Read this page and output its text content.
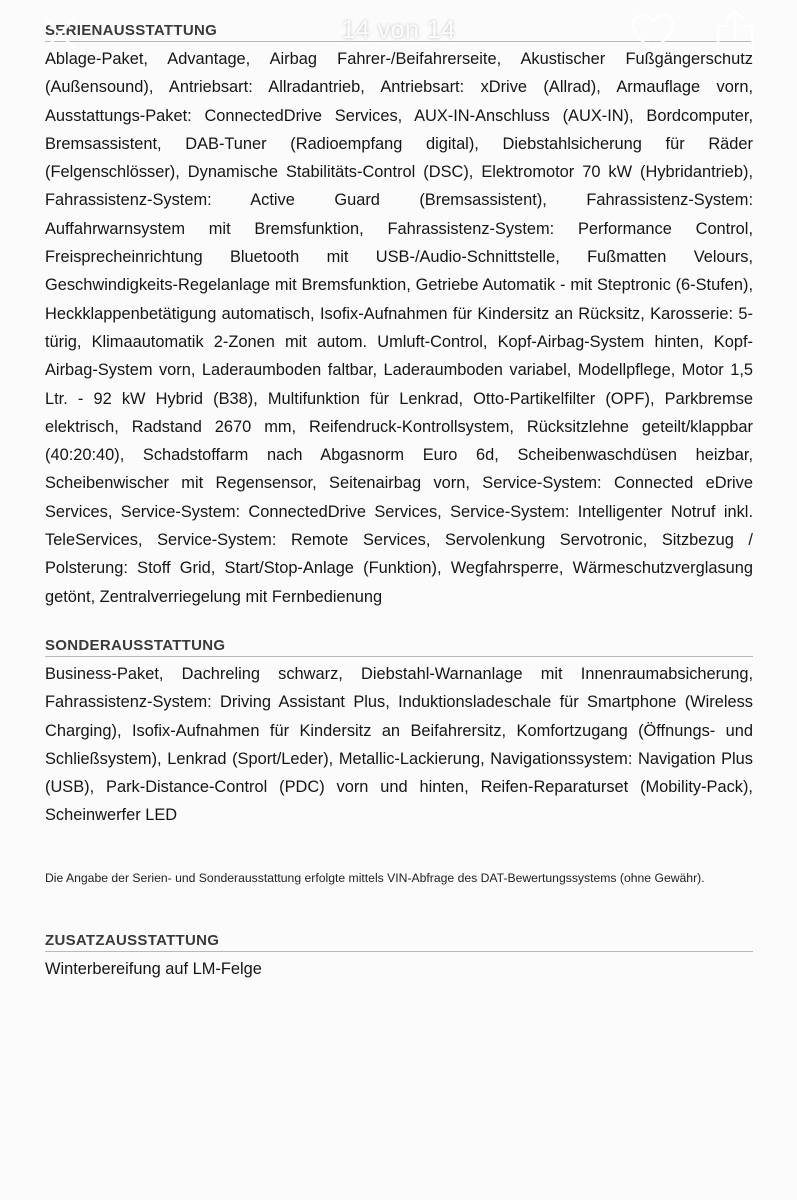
SERIENAUSSTATTUNG

Ablage-Paket, Advantage, Airbag Fahrer-/Beifahrerseite, Akustischer Fußgängerschutz (Außensound), Antriebsart: Allradantrieb, Antriebsart: xDrive (Allrad), Armauflage vorn, Ausstattungs-Paket: ConnectedDrive Services, AUX-IN-Anschluss (AUX-IN), Bordcomputer, Bremsassistent, DAB-Tuner (Radioempfang digital), Diebstahlsicherung für Räder (Felgenschlösser), Dynamische Stabilitäts-Control (DSC), Elektromotor 70 kW (Hybridantrieb), Fahrassistenz-System: Active Guard (Bremsassistent), Fahrassistenz-System: Auffahrwarnsystem mit Bremsfunktion, Fahrassistenz-System: Performance Control, Freisprecheinrichtung Bluetooth mit USB-/Audio-Schnittstelle, Fußmatten Velours, Geschwindigkeits-Regelanlage mit Bremsfunktion, Getriebe Automatik - mit Steptronic (6-Stufen), Heckklappenbetätigung automatisch, Isofix-Aufnahmen für Kindersitz an Rücksitz, Karosserie: 5-türig, Klimaautomatik 2-Zonen mit autom. Umluft-Control, Kopf-Airbag-System hinten, Kopf-Airbag-System vorn, Laderaumboden faltbar, Laderaumboden variabel, Modellpflege, Motor 1,5 Ltr. - 92 kW Hybrid (B38), Multifunktion für Lenkrad, Otto-Partikelfilter (OPF), Parkbremse elektrisch, Radstand 2670 mm, Reifendruck-Kontrollsystem, Rücksitzlehne geteilt/klappbar (40:20:40), Schadstoffarm nach Abgasnorm Euro 6d, Scheibenwaschdüsen heizbar, Scheibenwischer mit Regensensor, Seitenairbag vorn, Service-System: Connected eDrive Services, Service-System: ConnectedDrive Services, Service-System: Intelligenter Notruf inkl. TeleServices, Service-System: Remote Services, Servolenkung Servotronic, Sitzbezug / Polsterung: Stoff Grid, Start/Stop-Anlage (Funktion), Wegfahrsperre, Wärmeschutzverglasung getönt, Zentralverriegelung mit Fernbedienung

SONDERAUSSTATTUNG

Business-Paket, Dachreling schwarz, Diebstahl-Warnanlage mit Innenraumabsicherung, Fahrassistenz-System: Driving Assistant Plus, Induktionsladeschale für Smartphone (Wireless Charging), Isofix-Aufnahmen für Kindersitz an Beifahrersitz, Komfortzugang (Öffnungs- und Schließsystem), Lenkrad (Sport/Leder), Metallic-Lackierung, Navigationssystem: Navigation Plus (USB), Park-Distance-Control (PDC) vorn und hinten, Reifen-Reparaturset (Mobility-Pack), Scheinwerfer LED

Die Angabe der Serien- und Sonderausstattung erfolgte mittels VIN-Abfrage des DAT-Bewertungssystems (ohne Gewähr).

ZUSATZAUSSTATTUNG

Winterbereifung auf LM-Felge

14 von 14
